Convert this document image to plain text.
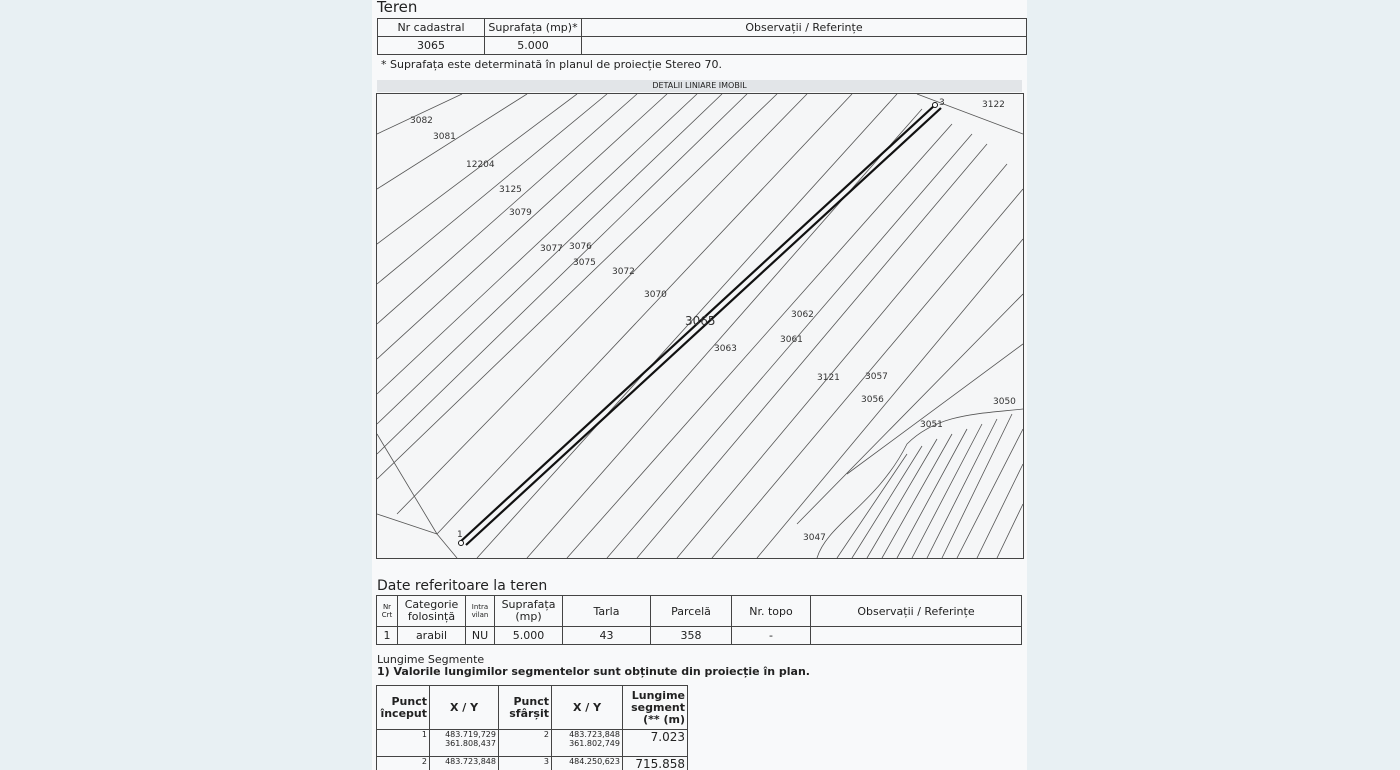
Teren
Nr cadastral	Suprafața (mp)*	Observații / Referințe
3065	5.000	
* Suprafața este determinată în planul de proiecție Stereo 70.
DETALII LINIARE IMOBIL
3082
3081
12204
3125
3079
3077 3076
3075
3072
3070
3065	3062
3063
3061
3121	3057
3056	3050
3051
3047
3122
3
1
Date referitoare la teren
Nr Crt	Categorie folosință	Intra vilan	Suprafața (mp)	Tarla	Parcelă	Nr. topo	Observații / Referințe
1	arabil	NU	5.000	43	358	-	
Lungime Segmente
1) Valorile lungimilor segmentelor sunt obținute din proiecție în plan.
Punct început	X / Y	Punct sfârșit	X / Y	Lungime segment (** (m)
1	483.719,729 361.808,437	2	483.723,848 361.802,749	7.023
2	483.723,848	3	484.250,623	715.858
